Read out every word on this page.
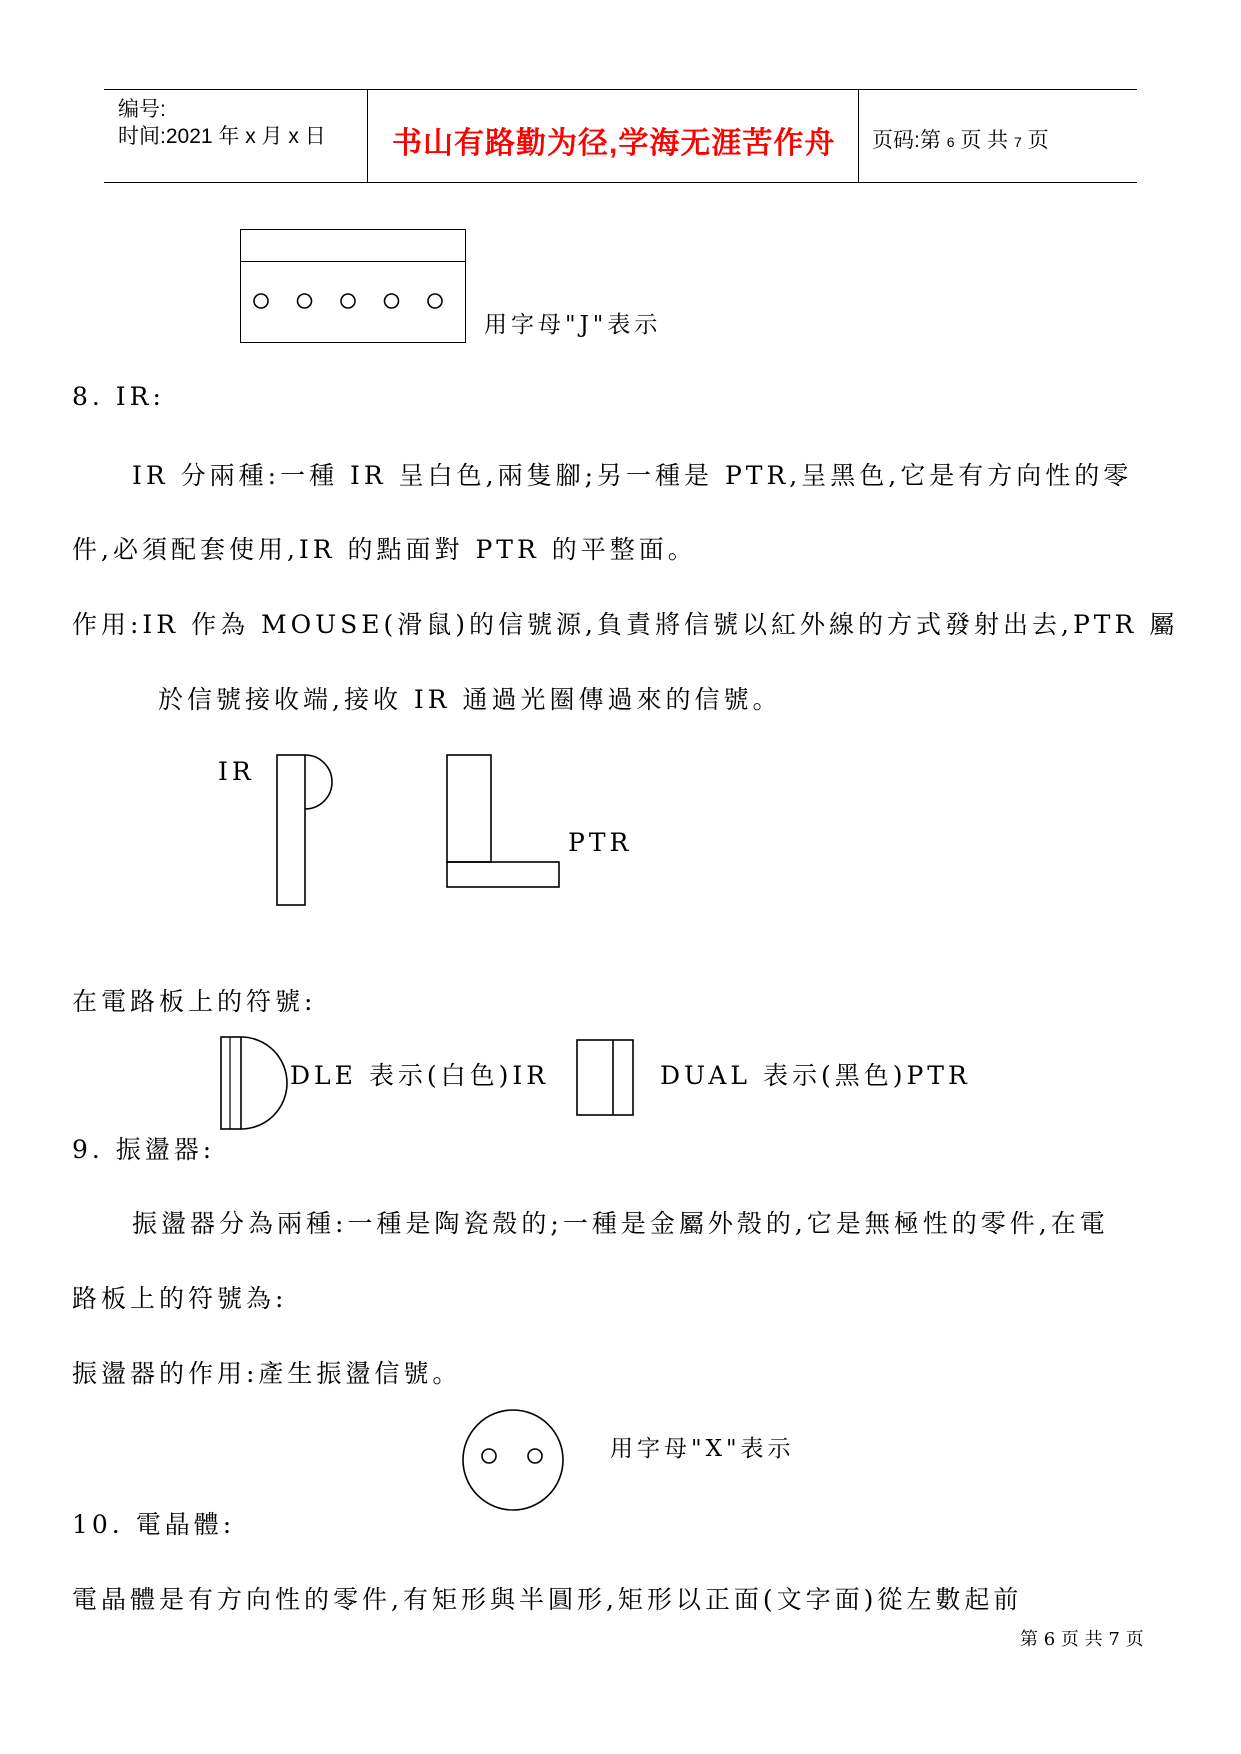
编号:
时间:2021 年 x 月 x 日 书山有路勤为径,学海无涯苦作舟 页码:第 6 页 共 7 页
用字母"J"表示
8. IR:
IR 分兩種:一種 IR 呈白色,兩隻腳;另一種是 PTR,呈黑色,它是有方向性的零
件,必須配套使用,IR 的點面對 PTR 的平整面。
作用:IR 作為 MOUSE(滑鼠)的信號源,負責將信號以紅外線的方式發射出去,PTR 屬
於信號接收端,接收 IR 通過光圈傳過來的信號。
IR
PTR
在電路板上的符號:
DLE 表示(白色)IR	DUAL 表示(黑色)PTR
9. 振盪器:
振盪器分為兩種:一種是陶瓷殼的;一種是金屬外殼的,它是無極性的零件,在電
路板上的符號為:
振盪器的作用:產生振盪信號。
用字母"X"表示
10. 電晶體:
電晶體是有方向性的零件,有矩形與半圓形,矩形以正面(文字面)從左數起前
第 6 页 共 7 页
